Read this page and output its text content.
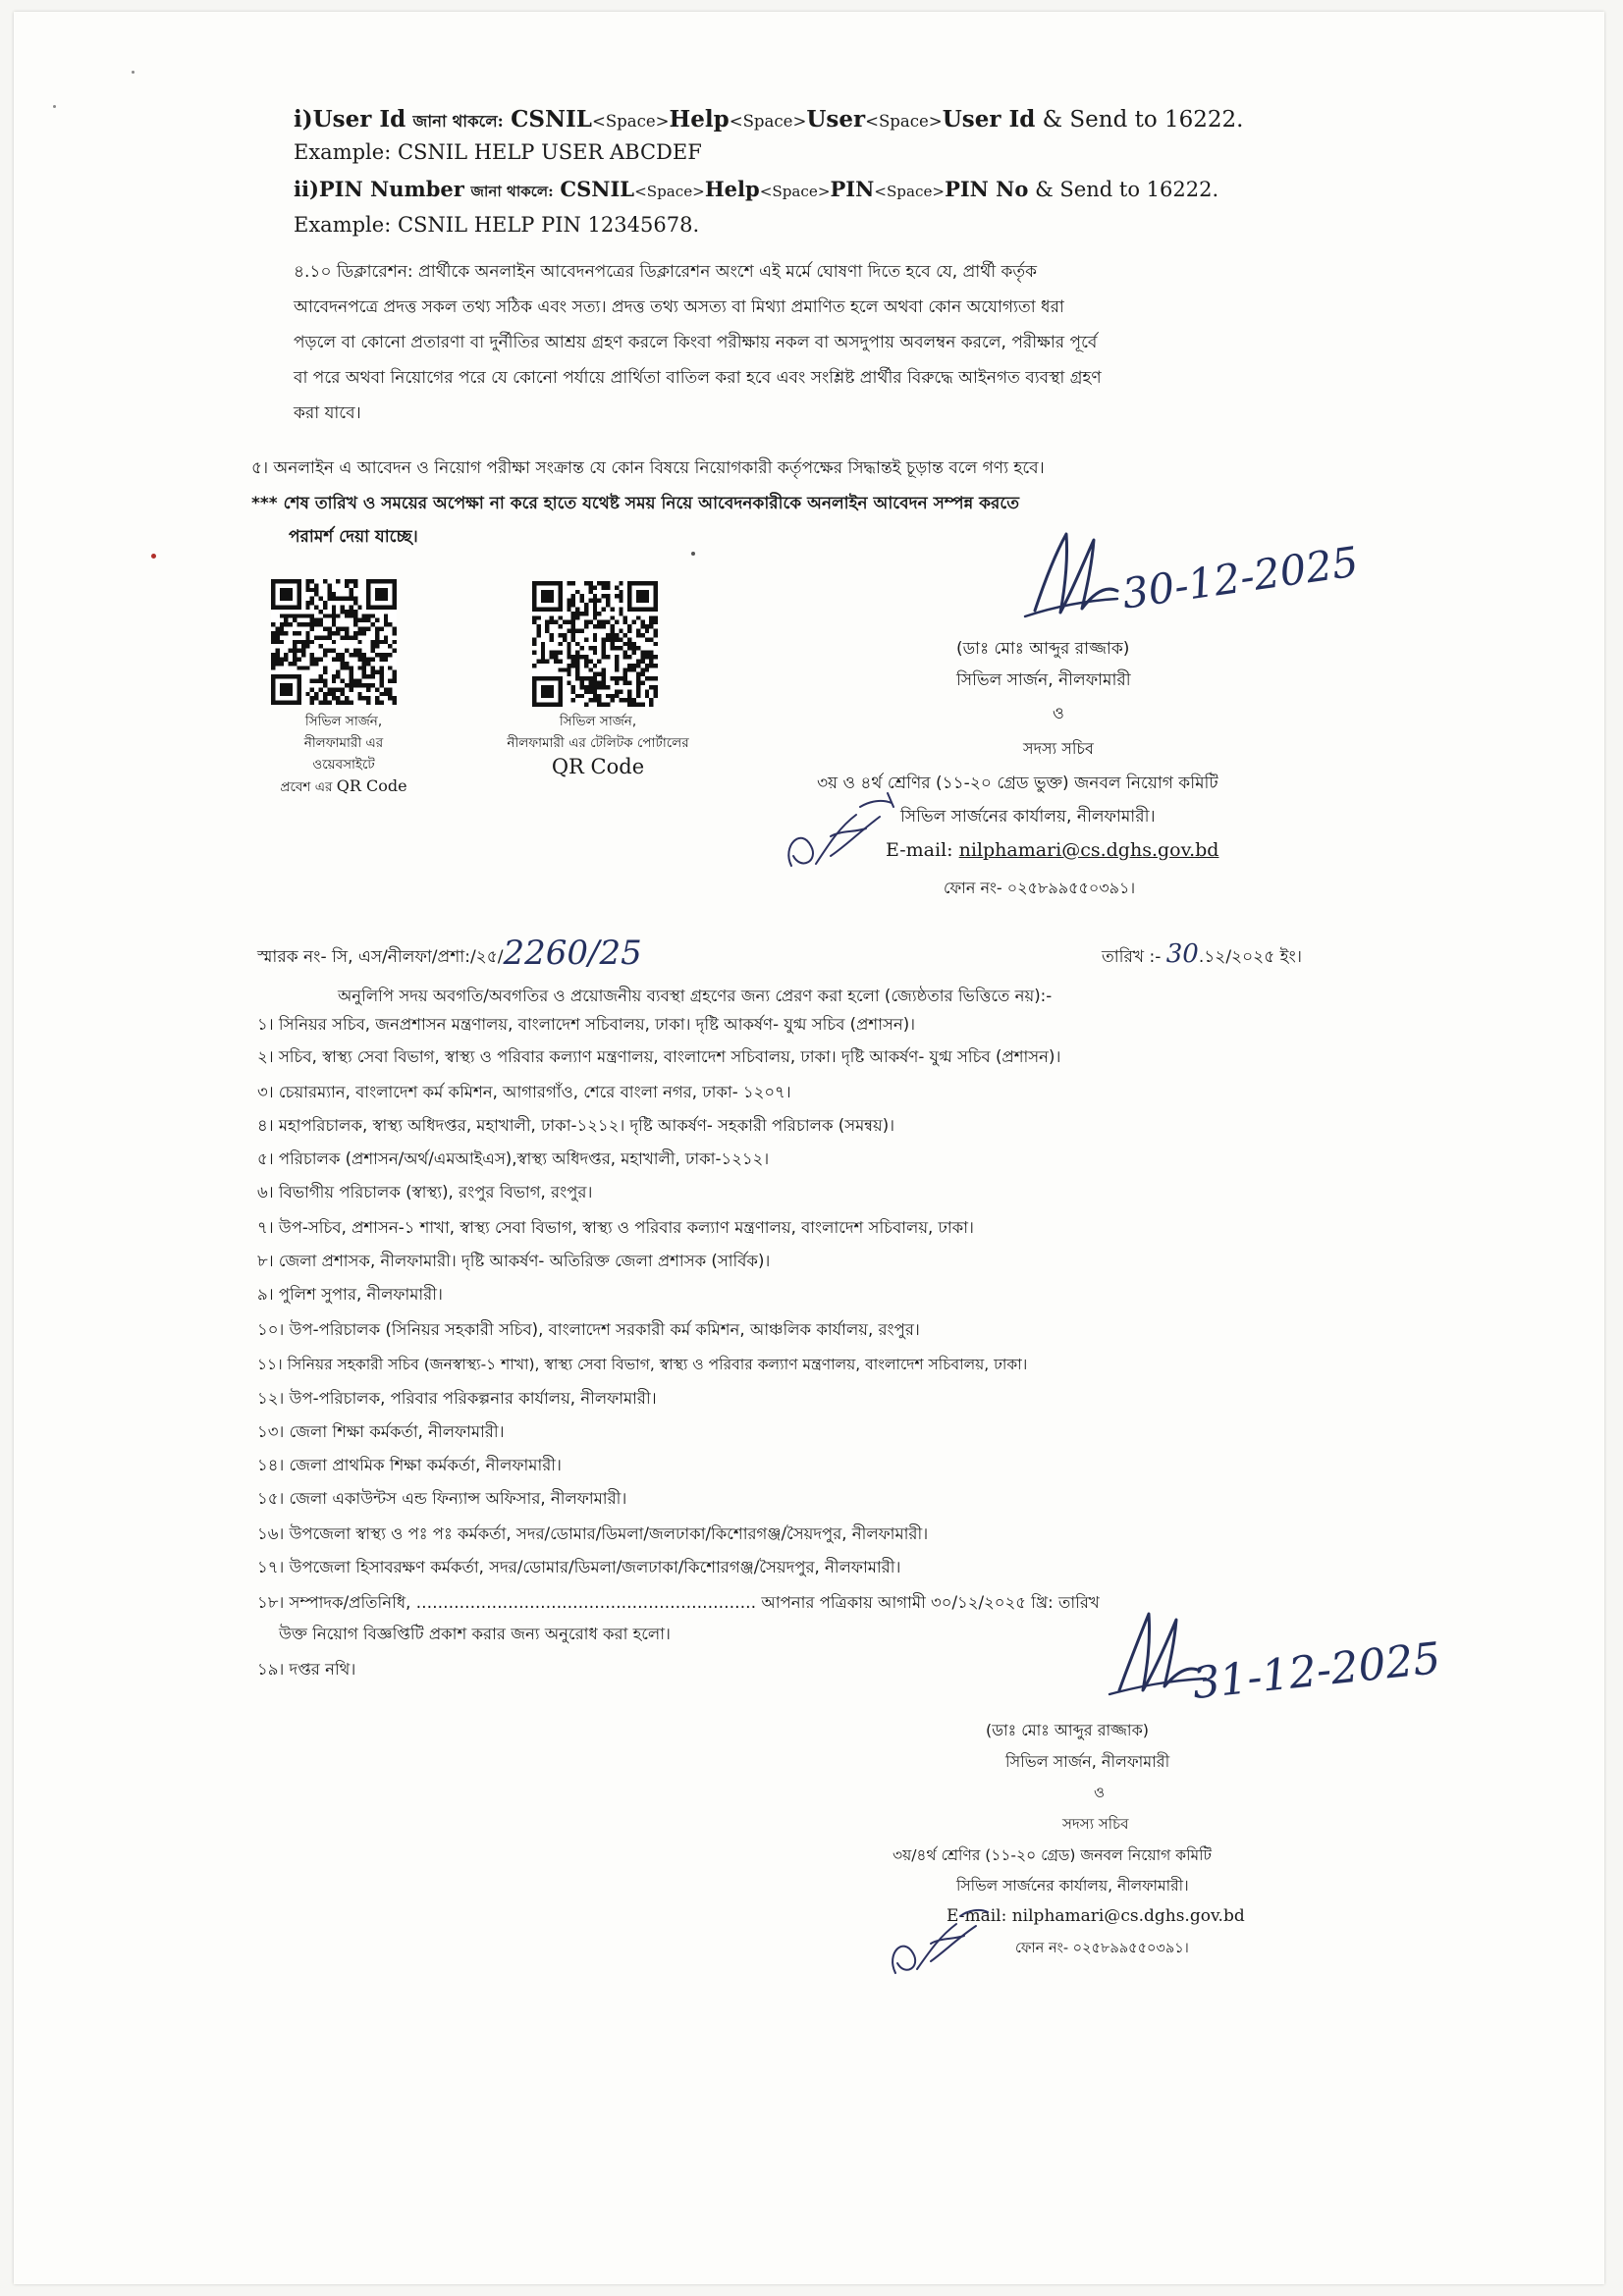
i)User Id জানা থাকলে: CSNIL<Space>Help<Space>User<Space>User Id & Send to 16222.
Example: CSNIL HELP USER ABCDEF
ii)PIN Number জানা থাকলে: CSNIL<Space>Help<Space>PIN<Space>PIN No & Send to 16222.
Example: CSNIL HELP PIN 12345678.
৪.১০ ডিক্লারেশন: প্রার্থীকে অনলাইন আবেদনপত্রের ডিক্লারেশন অংশে এই মর্মে ঘোষণা দিতে হবে যে, প্রার্থী কর্তৃক
আবেদনপত্রে প্রদত্ত সকল তথ্য সঠিক এবং সত্য। প্রদত্ত তথ্য অসত্য বা মিথ্যা প্রমাণিত হলে অথবা কোন অযোগ্যতা ধরা
পড়লে বা কোনো প্রতারণা বা দুর্নীতির আশ্রয় গ্রহণ করলে কিংবা পরীক্ষায় নকল বা অসদুপায় অবলম্বন করলে, পরীক্ষার পূর্বে
বা পরে অথবা নিয়োগের পরে যে কোনো পর্যায়ে প্রার্থিতা বাতিল করা হবে এবং সংশ্লিষ্ট প্রার্থীর বিরুদ্ধে আইনগত ব্যবস্থা গ্রহণ
করা যাবে।
৫। অনলাইন এ আবেদন ও নিয়োগ পরীক্ষা সংক্রান্ত যে কোন বিষয়ে নিয়োগকারী কর্তৃপক্ষের সিদ্ধান্তই চূড়ান্ত বলে গণ্য হবে।
*** শেষ তারিখ ও সময়ের অপেক্ষা না করে হাতে যথেষ্ট সময় নিয়ে আবেদনকারীকে অনলাইন আবেদন সম্পন্ন করতে
পরামর্শ দেয়া যাচ্ছে।
সিভিল সার্জন,
নীলফামারী এর
ওয়েবসাইটে
প্রবেশ এর QR Code
সিভিল সার্জন,
নীলফামারী এর টেলিটক পোর্টালের
QR Code
30-12-2025
(ডাঃ মোঃ আব্দুর রাজ্জাক)
সিভিল সার্জন, নীলফামারী
ও
সদস্য সচিব
৩য় ও ৪র্থ শ্রেণির (১১-২০ গ্রেড ভুক্ত) জনবল নিয়োগ কমিটি
সিভিল সার্জনের কার্যালয়, নীলফামারী।
E-mail: nilphamari@cs.dghs.gov.bd
ফোন নং- ০২৫৮৯৯৫৫০৩৯১।
স্মারক নং- সি, এস/নীলফা/প্রশা:/২৫/2260/25	তারিখ :- 30.১২/২০২৫ ইং।
অনুলিপি সদয় অবগতি/অবগতির ও প্রয়োজনীয় ব্যবস্থা গ্রহণের জন্য প্রেরণ করা হলো (জ্যেষ্ঠতার ভিত্তিতে নয়):-
31-12-2025
(ডাঃ মোঃ আব্দুর রাজ্জাক)
সিভিল সার্জন, নীলফামারী
ও
সদস্য সচিব
৩য়/৪র্থ শ্রেণির (১১-২০ গ্রেড) জনবল নিয়োগ কমিটি
সিভিল সার্জনের কার্যালয়, নীলফামারী।
E-mail: nilphamari@cs.dghs.gov.bd
ফোন নং- ০২৫৮৯৯৫৫০৩৯১।
১। সিনিয়র সচিব, জনপ্রশাসন মন্ত্রণালয়, বাংলাদেশ সচিবালয়, ঢাকা। দৃষ্টি আকর্ষণ- যুগ্ম সচিব (প্রশাসন)।
২। সচিব, স্বাস্থ্য সেবা বিভাগ, স্বাস্থ্য ও পরিবার কল্যাণ মন্ত্রণালয়, বাংলাদেশ সচিবালয়, ঢাকা। দৃষ্টি আকর্ষণ- যুগ্ম সচিব (প্রশাসন)।
৩। চেয়ারম্যান, বাংলাদেশ কর্ম কমিশন, আগারগাঁও, শেরে বাংলা নগর, ঢাকা- ১২০৭।
৪। মহাপরিচালক, স্বাস্থ্য অধিদপ্তর, মহাখালী, ঢাকা-১২১২। দৃষ্টি আকর্ষণ- সহকারী পরিচালক (সমন্বয়)।
৫। পরিচালক (প্রশাসন/অর্থ/এমআইএস),স্বাস্থ্য অধিদপ্তর, মহাখালী, ঢাকা-১২১২।
৬। বিভাগীয় পরিচালক (স্বাস্থ্য), রংপুর বিভাগ, রংপুর।
৭। উপ-সচিব, প্রশাসন-১ শাখা, স্বাস্থ্য সেবা বিভাগ, স্বাস্থ্য ও পরিবার কল্যাণ মন্ত্রণালয়, বাংলাদেশ সচিবালয়, ঢাকা।
৮। জেলা প্রশাসক, নীলফামারী। দৃষ্টি আকর্ষণ- অতিরিক্ত জেলা প্রশাসক (সার্বিক)।
৯। পুলিশ সুপার, নীলফামারী।
১০। উপ-পরিচালক (সিনিয়র সহকারী সচিব), বাংলাদেশ সরকারী কর্ম কমিশন, আঞ্চলিক কার্যালয়, রংপুর।
১১। সিনিয়র সহকারী সচিব (জনস্বাস্থ্য-১ শাখা), স্বাস্থ্য সেবা বিভাগ, স্বাস্থ্য ও পরিবার কল্যাণ মন্ত্রণালয়, বাংলাদেশ সচিবালয়, ঢাকা।
১২। উপ-পরিচালক, পরিবার পরিকল্পনার কার্যালয়, নীলফামারী।
১৩। জেলা শিক্ষা কর্মকর্তা, নীলফামারী।
১৪। জেলা প্রাথমিক শিক্ষা কর্মকর্তা, নীলফামারী।
১৫। জেলা একাউন্টস এন্ড ফিন্যান্স অফিসার, নীলফামারী।
১৬। উপজেলা স্বাস্থ্য ও পঃ পঃ কর্মকর্তা, সদর/ডোমার/ডিমলা/জলঢাকা/কিশোরগঞ্জ/সৈয়দপুর, নীলফামারী।
১৭। উপজেলা হিসাবরক্ষণ কর্মকর্তা, সদর/ডোমার/ডিমলা/জলঢাকা/কিশোরগঞ্জ/সৈয়দপুর, নীলফামারী।
১৮। সম্পাদক/প্রতিনিধি, ……………………………………………………… আপনার পত্রিকায় আগামী ৩০/১২/২০২৫ খ্রি: তারিখ
উক্ত নিয়োগ বিজ্ঞপ্তিটি প্রকাশ করার জন্য অনুরোধ করা হলো।
১৯। দপ্তর নথি।
